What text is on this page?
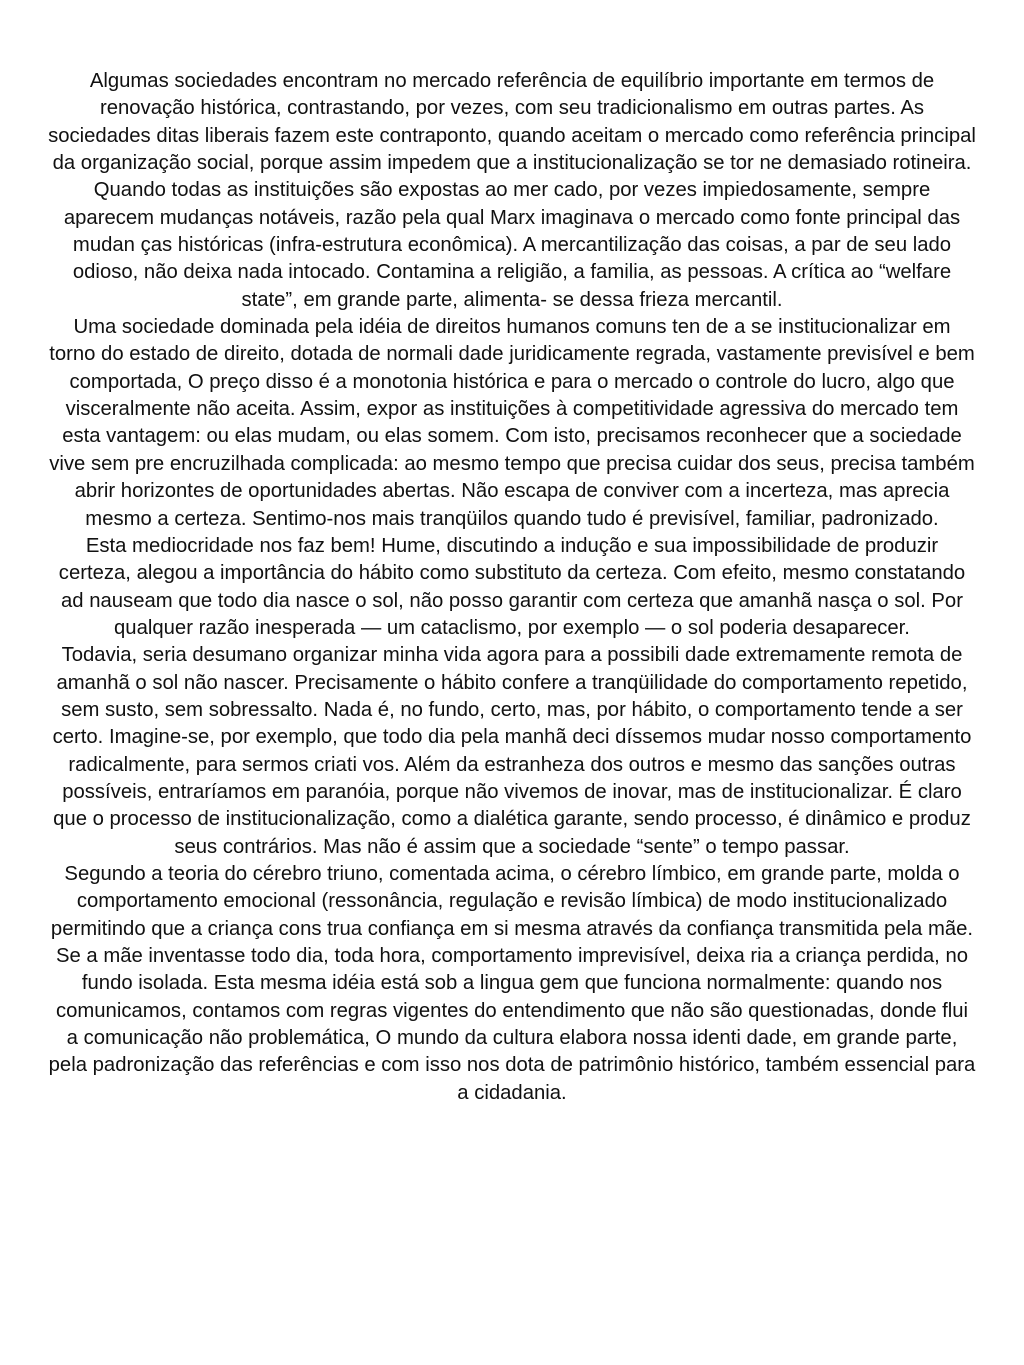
Algumas sociedades encontram no mercado referência de equilíbrio importante em termos de renovação histórica, contrastando, por vezes, com seu tradicionalismo em outras partes. As sociedades ditas liberais fazem este contraponto, quando aceitam o mercado como referência principal da organização social, porque assim impedem que a institucionalização se tor ne demasiado rotineira. Quando todas as instituições são expostas ao mer cado, por vezes impiedosamente, sempre aparecem mudanças notáveis, razão pela qual Marx imaginava o mercado como fonte principal das mudan ças históricas (infra-estrutura econômica). A mercantilização das coisas, a par de seu lado odioso, não deixa nada intocado. Contamina a religião, a familia, as pessoas. A crítica ao “welfare state”, em grande parte, alimenta- se dessa frieza mercantil.

Uma sociedade dominada pela idéia de direitos humanos comuns ten de a se institucionalizar em torno do estado de direito, dotada de normali dade juridicamente regrada, vastamente previsível e bem comportada, O preço disso é a monotonia histórica e para o mercado o controle do lucro, algo que visceralmente não aceita. Assim, expor as instituições à competitividade agressiva do mercado tem esta vantagem: ou elas mudam, ou elas somem. Com isto, precisamos reconhecer que a sociedade vive sem pre encruzilhada complicada: ao mesmo tempo que precisa cuidar dos seus, precisa também abrir horizontes de oportunidades abertas. Não escapa de conviver com a incerteza, mas aprecia mesmo a certeza. Sentimo-nos mais tranqüilos quando tudo é previsível, familiar, padronizado.

Esta mediocridade nos faz bem! Hume, discutindo a indução e sua impossibilidade de produzir certeza, alegou a importância do hábito como substituto da certeza. Com efeito, mesmo constatando ad nauseam que todo dia nasce o sol, não posso garantir com certeza que amanhã nasça o sol. Por qualquer razão inesperada — um cataclismo, por exemplo — o sol poderia desaparecer.

Todavia, seria desumano organizar minha vida agora para a possibili dade extremamente remota de amanhã o sol não nascer. Precisamente o hábito confere a tranqüilidade do comportamento repetido, sem susto, sem sobressalto. Nada é, no fundo, certo, mas, por hábito, o comportamento tende a ser certo. Imagine-se, por exemplo, que todo dia pela manhã deci díssemos mudar nosso comportamento radicalmente, para sermos criati vos. Além da estranheza dos outros e mesmo das sanções outras possíveis, entraríamos em paranóia, porque não vivemos de inovar, mas de institucionalizar. É claro que o processo de institucionalização, como a dialética garante, sendo processo, é dinâmico e produz seus contrários. Mas não é assim que a sociedade “sente” o tempo passar.

Segundo a teoria do cérebro triuno, comentada acima, o cérebro límbico, em grande parte, molda o comportamento emocional (ressonância, regulação e revisão límbica) de modo institucionalizado permitindo que a criança cons trua confiança em si mesma através da confiança transmitida pela mãe. Se a mãe inventasse todo dia, toda hora, comportamento imprevisível, deixa ria a criança perdida, no fundo isolada. Esta mesma idéia está sob a lingua gem que funciona normalmente: quando nos comunicamos, contamos com regras vigentes do entendimento que não são questionadas, donde flui a comunicação não problemática, O mundo da cultura elabora nossa identi dade, em grande parte, pela padronização das referências e com isso nos dota de patrimônio histórico, também essencial para a cidadania.
